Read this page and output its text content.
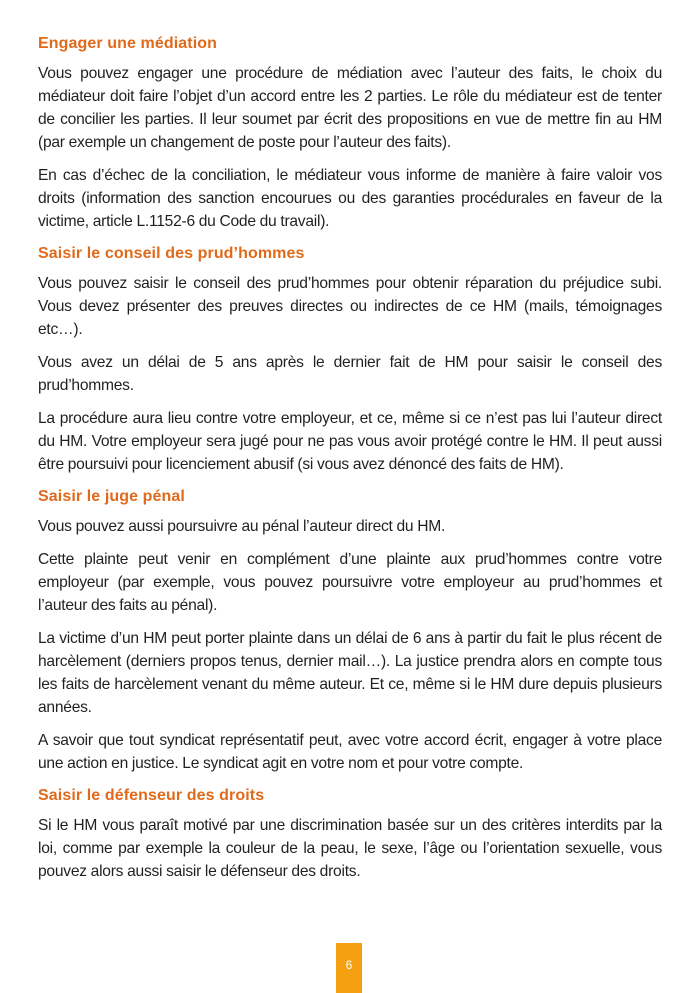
Engager une médiation

Vous pouvez engager une procédure de médiation avec l’auteur des faits, le choix du médiateur doit faire l’objet d’un accord entre les 2 parties. Le rôle du médiateur est de tenter de concilier les parties. Il leur soumet par écrit des propositions en vue de mettre fin au HM (par exemple un changement de poste pour l’auteur des faits).

En cas d’échec de la conciliation, le médiateur vous informe de manière à faire valoir vos droits (information des sanction encourues ou des garanties procédurales en faveur de la victime, article L.1152-6 du Code du travail).

Saisir le conseil des prud’hommes

Vous pouvez saisir le conseil des prud’hommes pour obtenir réparation du préjudice subi. Vous devez présenter des preuves directes ou indirectes de ce HM (mails, témoignages etc…).

Vous avez un délai de 5 ans après le dernier fait de HM pour saisir le conseil des prud’hommes.

La procédure aura lieu contre votre employeur, et ce, même si ce n’est pas lui l’auteur direct du HM. Votre employeur sera jugé pour ne pas vous avoir protégé contre le HM. Il peut aussi être poursuivi pour licenciement abusif (si vous avez dénoncé des faits de HM).

Saisir le juge pénal

Vous pouvez aussi poursuivre au pénal l’auteur direct du HM.

Cette plainte peut venir en complément d’une plainte aux prud’hommes contre votre employeur (par exemple, vous pouvez poursuivre votre employeur au prud’hommes et l’auteur des faits au pénal).

La victime d’un HM peut porter plainte dans un délai de 6 ans à partir du fait le plus récent de harcèlement (derniers propos tenus, dernier mail…). La justice prendra alors en compte tous les faits de harcèlement venant du même auteur. Et ce, même si le HM dure depuis plusieurs années.

A savoir que tout syndicat représentatif peut, avec votre accord écrit, engager à votre place une action en justice. Le syndicat agit en votre nom et pour votre compte.

Saisir le défenseur des droits

Si le HM vous paraît motivé par une discrimination basée sur un des critères interdits par la loi, comme par exemple la couleur de la peau, le sexe, l’âge ou l’orientation sexuelle, vous pouvez alors aussi saisir le défenseur des droits.

6
